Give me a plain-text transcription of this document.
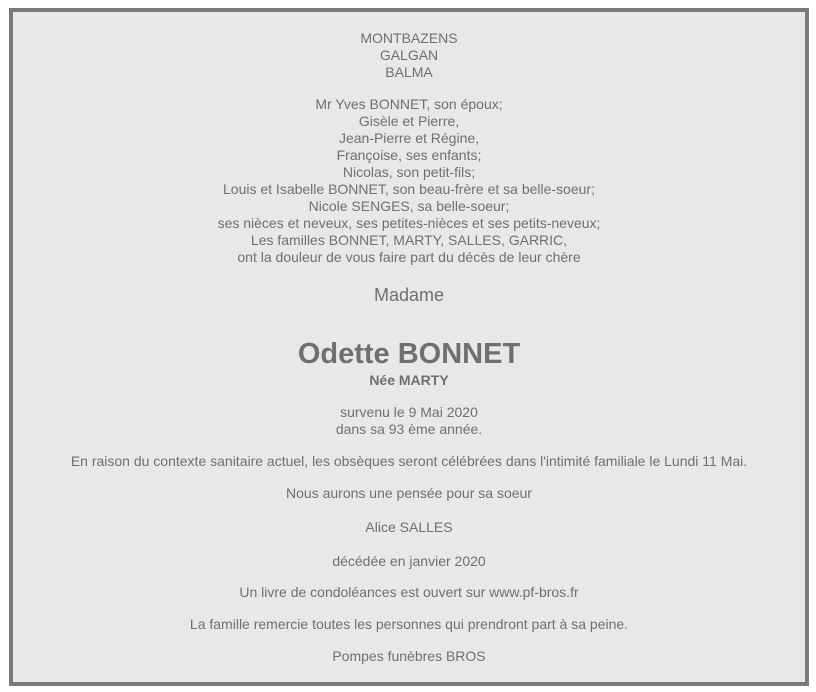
MONTBAZENS
GALGAN
BALMA
Mr Yves BONNET, son époux;
Gisèle et Pierre,
Jean-Pierre et Régine,
Françoise, ses enfants;
Nicolas, son petit-fils;
Louis et Isabelle BONNET, son beau-frère et sa belle-soeur;
Nicole SENGES, sa belle-soeur;
ses nièces et neveux, ses petites-nièces et ses petits-neveux;
Les familles BONNET, MARTY, SALLES, GARRIC,
ont la douleur de vous faire part du décès de leur chère
Madame
Odette BONNET
Née MARTY
survenu le 9 Mai 2020
dans sa 93 ème année.
En raison du contexte sanitaire actuel, les obsèques seront célébrées dans l'intimité familiale le Lundi 11 Mai.
Nous aurons une pensée pour sa soeur
Alice SALLES
décédée en janvier 2020
Un livre de condoléances est ouvert sur www.pf-bros.fr
La famille remercie toutes les personnes qui prendront part à sa peine.
Pompes funèbres BROS
